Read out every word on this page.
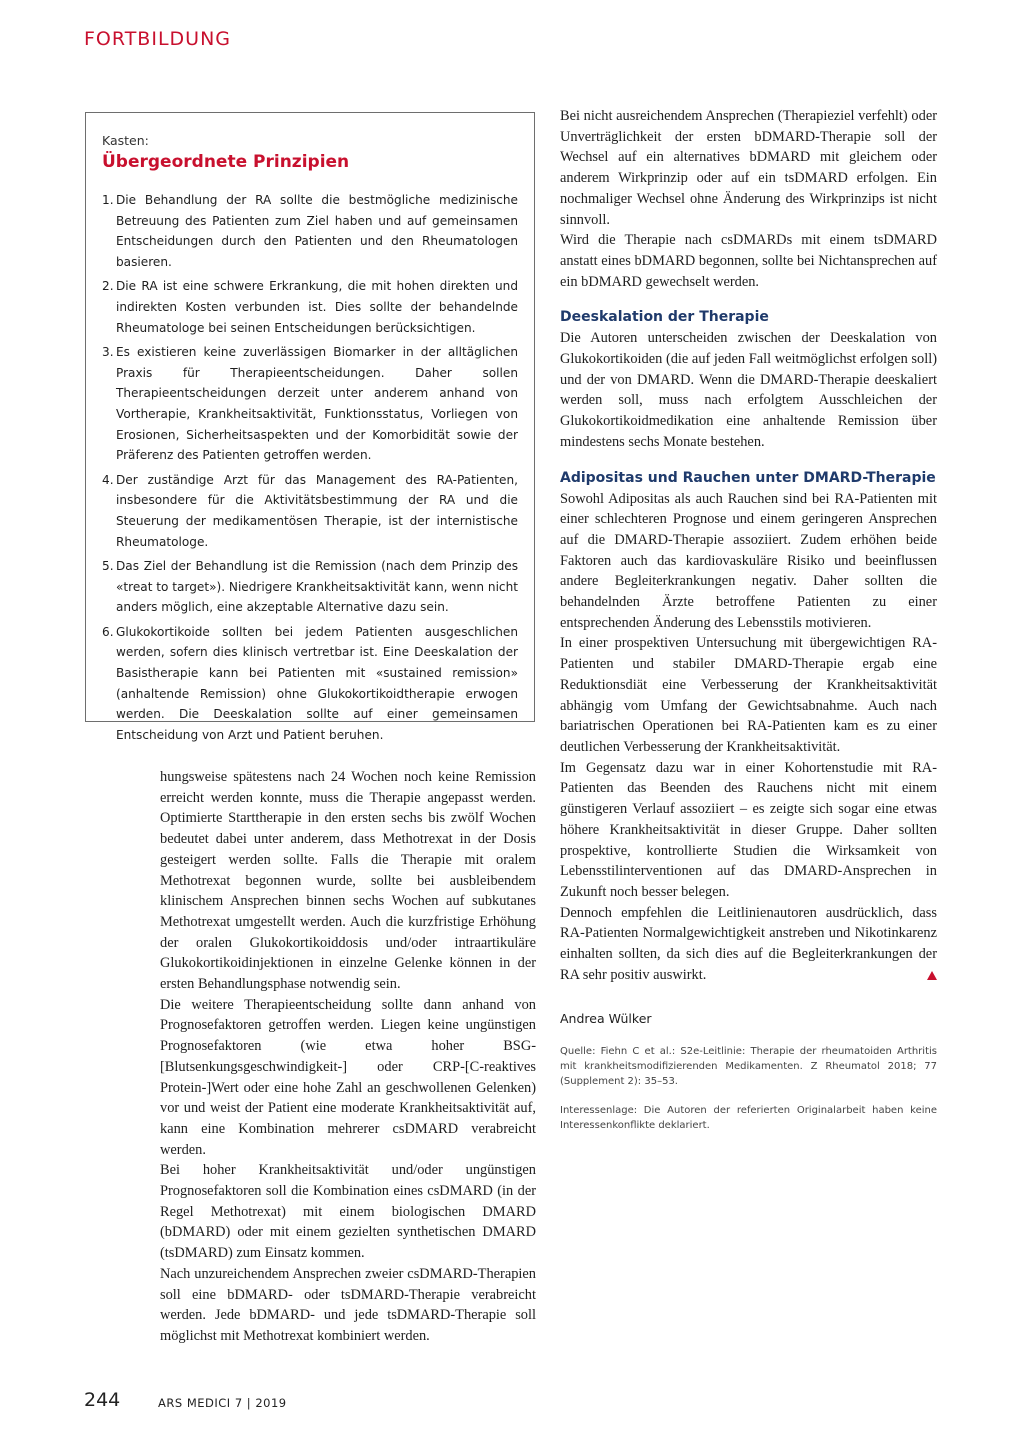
FORTBILDUNG

Kasten:

Übergeordnete Prinzipien

1. Die Behandlung der RA sollte die bestmögliche medizinische Betreuung des Patienten zum Ziel haben und auf gemeinsamen Entscheidungen durch den Patienten und den Rheumatologen basieren.
2. Die RA ist eine schwere Erkrankung, die mit hohen direkten und indirekten Kosten verbunden ist. Dies sollte der behandelnde Rheumatologe bei seinen Entscheidungen berücksichtigen.
3. Es existieren keine zuverlässigen Biomarker in der alltäglichen Praxis für Therapieentscheidungen. Daher sollen Therapieentscheidungen derzeit unter anderem anhand von Vortherapie, Krankheitsaktivität, Funktionsstatus, Vorliegen von Erosionen, Sicherheitsaspekten und der Komorbidität sowie der Präferenz des Patienten getroffen werden.
4. Der zuständige Arzt für das Management des RA-Patienten, insbesondere für die Aktivitätsbestimmung der RA und die Steuerung der medikamentösen Therapie, ist der internistische Rheumatologe.
5. Das Ziel der Behandlung ist die Remission (nach dem Prinzip des «treat to target»). Niedrigere Krankheitsaktivität kann, wenn nicht anders möglich, eine akzeptable Alternative dazu sein.
6. Glukokortikoide sollten bei jedem Patienten ausgeschlichen werden, sofern dies klinisch vertretbar ist. Eine Deeskalation der Basistherapie kann bei Patienten mit «sustained remission» (anhaltende Remission) ohne Glukokortikoidtherapie erwogen werden. Die Deeskalation sollte auf einer gemeinsamen Entscheidung von Arzt und Patient beruhen.

hungsweise spätestens nach 24 Wochen noch keine Remission erreicht werden konnte, muss die Therapie angepasst werden. Optimierte Starttherapie in den ersten sechs bis zwölf Wochen bedeutet dabei unter anderem, dass Methotrexat in der Dosis gesteigert werden sollte. Falls die Therapie mit oralem Methotrexat begonnen wurde, sollte bei ausbleibendem klinischem Ansprechen binnen sechs Wochen auf subkutanes Methotrexat umgestellt werden. Auch die kurzfristige Erhöhung der oralen Glukokortikoiddosis und/oder intraartikuläre Glukokortikoidinjektionen in einzelne Gelenke können in der ersten Behandlungsphase notwendig sein.

Die weitere Therapieentscheidung sollte dann anhand von Prognosefaktoren getroffen werden. Liegen keine ungünstigen Prognosefaktoren (wie etwa hoher BSG-[Blutsenkungsgeschwindigkeit-] oder CRP-[C-reaktives Protein-]Wert oder eine hohe Zahl an geschwollenen Gelenken) vor und weist der Patient eine moderate Krankheitsaktivität auf, kann eine Kombination mehrerer csDMARD verabreicht werden.

Bei hoher Krankheitsaktivität und/oder ungünstigen Prognosefaktoren soll die Kombination eines csDMARD (in der Regel Methotrexat) mit einem biologischen DMARD (bDMARD) oder mit einem gezielten synthetischen DMARD (tsDMARD) zum Einsatz kommen.

Nach unzureichendem Ansprechen zweier csDMARD-Therapien soll eine bDMARD- oder tsDMARD-Therapie verabreicht werden. Jede bDMARD- und jede tsDMARD-Therapie soll möglichst mit Methotrexat kombiniert werden.

Bei nicht ausreichendem Ansprechen (Therapieziel verfehlt) oder Unverträglichkeit der ersten bDMARD-Therapie soll der Wechsel auf ein alternatives bDMARD mit gleichem oder anderem Wirkprinzip oder auf ein tsDMARD erfolgen. Ein nochmaliger Wechsel ohne Änderung des Wirkprinzips ist nicht sinnvoll.

Wird die Therapie nach csDMARDs mit einem tsDMARD anstatt eines bDMARD begonnen, sollte bei Nichtansprechen auf ein bDMARD gewechselt werden.

Deeskalation der Therapie

Die Autoren unterscheiden zwischen der Deeskalation von Glukokortikoiden (die auf jeden Fall weitmöglichst erfolgen soll) und der von DMARD. Wenn die DMARD-Therapie deeskaliert werden soll, muss nach erfolgtem Ausschleichen der Glukokortikoidmedikation eine anhaltende Remission über mindestens sechs Monate bestehen.

Adipositas und Rauchen unter DMARD-Therapie

Sowohl Adipositas als auch Rauchen sind bei RA-Patienten mit einer schlechteren Prognose und einem geringeren Ansprechen auf die DMARD-Therapie assoziiert. Zudem erhöhen beide Faktoren auch das kardiovaskuläre Risiko und beeinflussen andere Begleiterkrankungen negativ. Daher sollten die behandelnden Ärzte betroffene Patienten zu einer entsprechenden Änderung des Lebensstils motivieren.

In einer prospektiven Untersuchung mit übergewichtigen RA-Patienten und stabiler DMARD-Therapie ergab eine Reduktionsdiät eine Verbesserung der Krankheitsaktivität abhängig vom Umfang der Gewichtsabnahme. Auch nach bariatrischen Operationen bei RA-Patienten kam es zu einer deutlichen Verbesserung der Krankheitsaktivität.

Im Gegensatz dazu war in einer Kohortenstudie mit RA-Patienten das Beenden des Rauchens nicht mit einem günstigeren Verlauf assoziiert – es zeigte sich sogar eine etwas höhere Krankheitsaktivität in dieser Gruppe. Daher sollten prospektive, kontrollierte Studien die Wirksamkeit von Lebensstilinterventionen auf das DMARD-Ansprechen in Zukunft noch besser belegen.

Dennoch empfehlen die Leitlinienautoren ausdrücklich, dass RA-Patienten Normalgewichtigkeit anstreben und Nikotinkarenz einhalten sollten, da sich dies auf die Begleiterkrankungen der RA sehr positiv auswirkt.

Andrea Wülker

Quelle: Fiehn C et al.: S2e-Leitlinie: Therapie der rheumatoiden Arthritis mit krankheitsmodifizierenden Medikamenten. Z Rheumatol 2018; 77 (Supplement 2): 35–53.

Interessenlage: Die Autoren der referierten Originalarbeit haben keine Interessenkonflikte deklariert.

244	ARS MEDICI 7 | 2019
